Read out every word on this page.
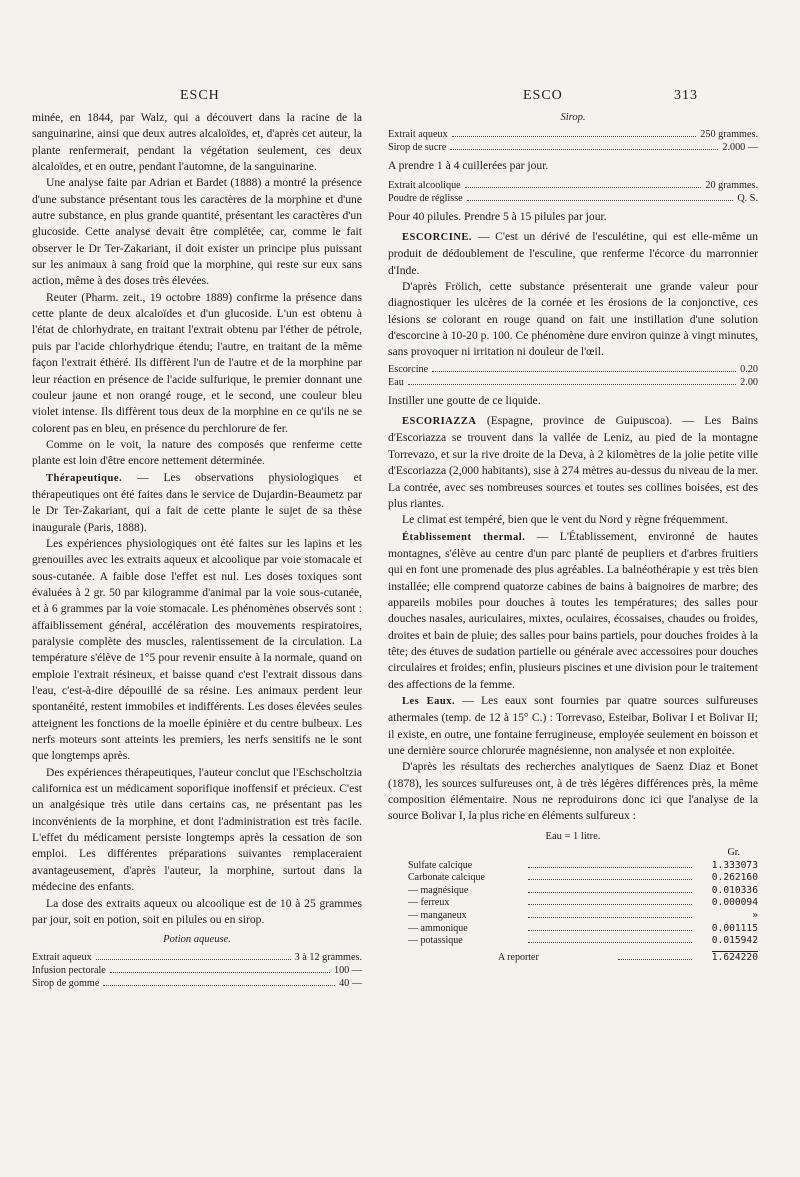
ESCH	ESCO	313

minée, en 1844, par Walz, qui a découvert dans la racine de la sanguinarine, ainsi que deux autres alcaloïdes, et, d'après cet auteur, la plante renfermerait, pendant la végétation seulement, ces deux alcaloïdes, et en outre, pendant l'automne, de la sanguinarine.

Une analyse faite par Adrian et Bardet (1888) a montré la présence d'une substance présentant tous les caractères de la morphine et d'une autre substance, en plus grande quantité, présentant les caractères d'un glucoside. Cette analyse devait être complétée, car, comme le fait observer le Dr Ter-Zakariant, il doit exister un principe plus puissant sur les animaux à sang froid que la morphine, qui reste sur eux sans action, même à des doses très élevées.

Reuter (Pharm. zeit., 19 octobre 1889) confirme la présence dans cette plante de deux alcaloïdes et d'un glucoside. L'un est obtenu à l'état de chlorhydrate, en traitant l'extrait obtenu par l'éther de pétrole, puis par l'acide chlorhydrique étendu; l'autre, en traitant de la même façon l'extrait éthéré. Ils diffèrent l'un de l'autre et de la morphine par leur réaction en présence de l'acide sulfurique, le premier donnant une couleur jaune et non orangé rouge, et le second, une couleur bleu violet intense. Ils diffèrent tous deux de la morphine en ce qu'ils ne se colorent pas en bleu, en présence du perchlorure de fer.

Comme on le voit, la nature des composés que renferme cette plante est loin d'être encore nettement déterminée.

Thérapeutique. — Les observations physiologiques et thérapeutiques ont été faites dans le service de Dujardin-Beaumetz par le Dr Ter-Zakariant, qui a fait de cette plante le sujet de sa thèse inaugurale (Paris, 1888).

Les expériences physiologiques ont été faites sur les lapins et les grenouilles avec les extraits aqueux et alcoolique par voie stomacale et sous-cutanée. A faible dose l'effet est nul. Les doses toxiques sont évaluées à 2 gr. 50 par kilogramme d'animal par la voie sous-cutanée, et à 6 grammes par la voie stomacale. Les phénomènes observés sont : affaiblissement général, accélération des mouvements respiratoires, paralysie complète des muscles, ralentissement de la circulation. La température s'élève de 1°5 pour revenir ensuite à la normale, quand on emploie l'extrait résineux, et baisse quand c'est l'extrait dissous dans l'eau, c'est-à-dire dépouillé de sa résine. Les animaux perdent leur spontanéité, restent immobiles et indifférents. Les doses élevées seules atteignent les fonctions de la moelle épinière et du centre bulbeux. Les nerfs moteurs sont atteints les premiers, les nerfs sensitifs ne le sont que longtemps après.

Des expériences thérapeutiques, l'auteur conclut que l'Eschscholtzia californica est un médicament soporifique inoffensif et précieux. C'est un analgésique très utile dans certains cas, ne présentant pas les inconvénients de la morphine, et dont l'administration est très facile. L'effet du médicament persiste longtemps après la cessation de son emploi. Les différentes préparations suivantes remplaceraient avantageusement, d'après l'auteur, la morphine, surtout dans la médecine des enfants.

La dose des extraits aqueux ou alcoolique est de 10 à 25 grammes par jour, soit en potion, soit en pilules ou en sirop.

Potion aqueuse.
Extrait aqueux	3 à 12 grammes.
Infusion pectorale	100 —
Sirop de gomme	40 —
Sirop.
Extrait aqueux	250 grammes.
Sirop de sucre	2.000 —

A prendre 1 à 4 cuillerées par jour.

Extrait alcoolique	20 grammes.
Poudre de réglisse	Q. S.

Pour 40 pilules. Prendre 5 à 15 pilules par jour.

ESCORCINE. — C'est un dérivé de l'esculétine, qui est elle-même un produit de dédoublement de l'esculine, que renferme l'écorce du marronnier d'Inde.

D'après Frölich, cette substance présenterait une grande valeur pour diagnostiquer les ulcères de la cornée et les érosions de la conjonctive, ces lésions se colorant en rouge quand on fait une instillation d'une solution d'escorcine à 10-20 p. 100. Ce phénomène dure environ quinze à vingt minutes, sans provoquer ni irritation ni douleur de l'œil.

Escorcine	0.20
Eau	2.00

Instiller une goutte de ce liquide.

ESCORIAZZA (Espagne, province de Guipuscoa). — Les Bains d'Escoriazza se trouvent dans la vallée de Leniz, au pied de la montagne Torrevazo, et sur la rive droite de la Deva, à 2 kilomètres de la jolie petite ville d'Escoriazza (2,000 habitants), sise à 274 mètres au-dessus du niveau de la mer. La contrée, avec ses nombreuses sources et toutes ses collines boisées, est des plus riantes.

Le climat est tempéré, bien que le vent du Nord y règne fréquemment.

Établissement thermal. — L'Établissement, environné de hautes montagnes, s'élève au centre d'un parc planté de peupliers et d'arbres fruitiers qui en font une promenade des plus agréables. La balnéothérapie y est très bien installée; elle comprend quatorze cabines de bains à baignoires de marbre; des appareils mobiles pour douches à toutes les températures; des salles pour douches nasales, auriculaires, mixtes, oculaires, écossaises, chaudes ou froides, droites et bain de pluie; des salles pour bains partiels, pour douches froides à la tête; des étuves de sudation partielle ou générale avec accessoires pour douches circulaires et froides; enfin, plusieurs piscines et une division pour le traitement des affections de la femme.

Les Eaux. — Les eaux sont fournies par quatre sources sulfureuses athermales (temp. de 12 à 15° C.) : Torrevaso, Esteibar, Bolivar I et Bolivar II; il existe, en outre, une fontaine ferrugineuse, employée seulement en boisson et une dernière source chlorurée magnésienne, non analysée et non exploitée.

D'après les résultats des recherches analytiques de Saenz Diaz et Bonet (1878), les sources sulfureuses ont, à de très légères différences près, la même composition élémentaire. Nous ne reproduirons donc ici que l'analyse de la source Bolivar I, la plus riche en éléments sulfureux :

Eau = 1 litre.
Gr.
Sulfate calcique	1.333073
Carbonate calcique	0.262160
— magnésique	0.010336
— ferreux	0.000094
— manganeux	»
— ammonique	0.001115
— potassique	0.015942
A reporter	1.624220
